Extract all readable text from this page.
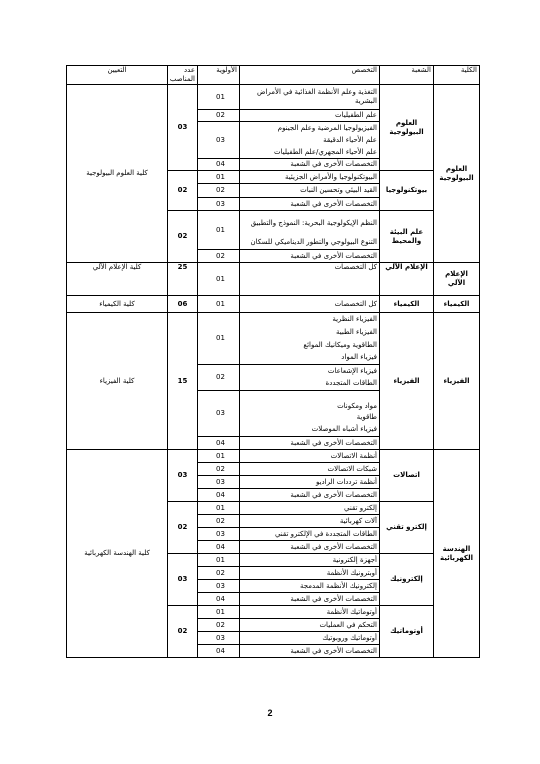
الكلية	الشعبة	التخصص	الأولوية	عدد المناصب	التعيين
العلوم البيولوجية	العلوم البيولوجية	التغذية وعلم الأنظمة الغذائية في الأمراض البشرية	01	03	كلية العلوم البيولوجية
		علم الطفيليات	02		
		الفيزيولوجيا المرضية وعلم الجينوم	03		
		علم الأحياء الدقيقة			
		علم الأحياء المجهري/علم الطفيليات			
		التخصصات الأخرى في الشعبة	04		
	بيوتكنولوجيا	البيوتكنولوجيا والأمراض الجزيئية	01	02	
		القيد البيئي وتحسين النبات	02		
		التخصصات الأخرى في الشعبة	03		
	علم البيئة والمحيط	النظم الإيكولوجية البحرية: النموذج والتطبيق	01	02	
		التنوع البيولوجي والتطور الديناميكي للسكان			

		التخصصات الأخرى في الشعبة	02		
الإعلام الآلي	الإعلام الآلي	كل التخصصات	01	25	كلية الإعلام الآلي
الكيمياء	الكيمياء	كل التخصصات	01	06	كلية الكيمياء
الفيزياء	الفيزياء	الفيزياء النظرية	01	15	كلية الفيزياء
		الفيزياء الطبية			
		الطاقوية وميكانيك الموائع			
		فيزياء المواد			
		فيزياء الإشعاعات	02		
		الطاقات المتجددة			
		مواد ومكونات	03		
		طاقوية			
		فيزياء أشباه الموصلات			
		التخصصات الأخرى في الشعبة	04		
الهندسة الكهربائية	اتصالات	أنظمة الاتصالات	01	03	كلية الهندسة الكهربائية
		شبكات الاتصالات	02		
		أنظمة ترددات الراديو	03		
		التخصصات الأخرى في الشعبة	04		
	إلكترو تقني	إلكترو تقني	01	02	
		آلات كهربائية	02		
		الطاقات المتجددة في الإلكترو تقني	03		
		التخصصات الأخرى في الشعبة	04		
	إلكترونيك	أجهزة إلكترونية	01	03	
		أوبترونيك الأنظمة	02		
		إلكترونيك الأنظمة المدمجة	03		
		التخصصات الأخرى في الشعبة	04		
	أوتوماتيك	أوتوماتيك الأنظمة	01	02	
		التحكم في العمليات	02		
		أوتوماتيك وروبوتيك	03		
		التخصصات الأخرى في الشعبة	04		
2
